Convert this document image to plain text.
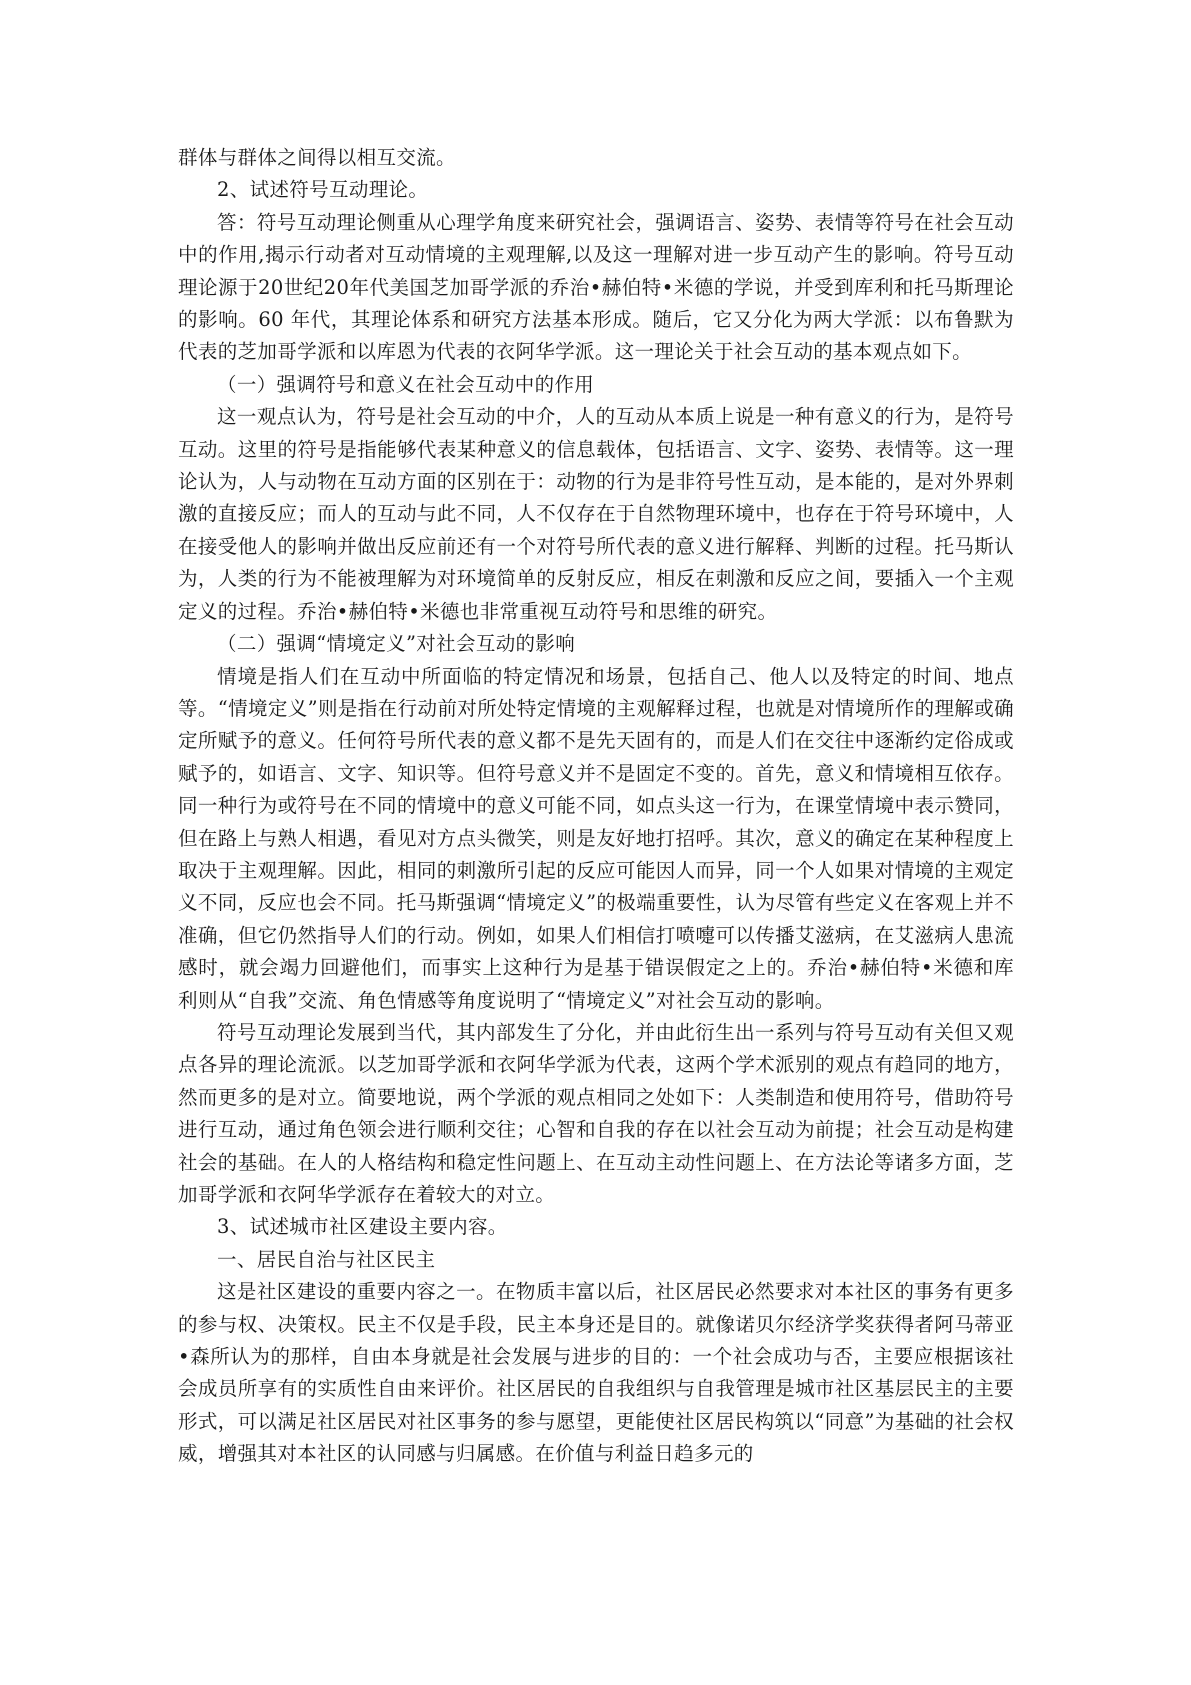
群体与群体之间得以相互交流。

2、试述符号互动理论。

答：符号互动理论侧重从心理学角度来研究社会，强调语言、姿势、表情等符号在社会互动中的作用,揭示行动者对互动情境的主观理解,以及这一理解对进一步互动产生的影响。符号互动理论源于20世纪20年代美国芝加哥学派的乔治•赫伯特•米德的学说，并受到库利和托马斯理论的影响。60 年代，其理论体系和研究方法基本形成。随后，它又分化为两大学派：以布鲁默为代表的芝加哥学派和以库恩为代表的衣阿华学派。这一理论关于社会互动的基本观点如下。

（一）强调符号和意义在社会互动中的作用

这一观点认为，符号是社会互动的中介，人的互动从本质上说是一种有意义的行为，是符号互动。这里的符号是指能够代表某种意义的信息载体，包括语言、文字、姿势、表情等。这一理论认为，人与动物在互动方面的区别在于：动物的行为是非符号性互动，是本能的，是对外界刺激的直接反应；而人的互动与此不同，人不仅存在于自然物理环境中，也存在于符号环境中，人在接受他人的影响并做出反应前还有一个对符号所代表的意义进行解释、判断的过程。托马斯认为，人类的行为不能被理解为对环境简单的反射反应，相反在刺激和反应之间，要插入一个主观定义的过程。乔治•赫伯特•米德也非常重视互动符号和思维的研究。

（二）强调“情境定义”对社会互动的影响

情境是指人们在互动中所面临的特定情况和场景，包括自己、他人以及特定的时间、地点等。“情境定义”则是指在行动前对所处特定情境的主观解释过程，也就是对情境所作的理解或确定所赋予的意义。任何符号所代表的意义都不是先天固有的，而是人们在交往中逐渐约定俗成或赋予的，如语言、文字、知识等。但符号意义并不是固定不变的。首先，意义和情境相互依存。同一种行为或符号在不同的情境中的意义可能不同，如点头这一行为，在课堂情境中表示赞同，但在路上与熟人相遇，看见对方点头微笑，则是友好地打招呼。其次，意义的确定在某种程度上取决于主观理解。因此，相同的刺激所引起的反应可能因人而异，同一个人如果对情境的主观定义不同，反应也会不同。托马斯强调“情境定义”的极端重要性，认为尽管有些定义在客观上并不准确，但它仍然指导人们的行动。例如，如果人们相信打喷嚏可以传播艾滋病，在艾滋病人患流感时，就会竭力回避他们，而事实上这种行为是基于错误假定之上的。乔治•赫伯特•米德和库利则从“自我”交流、角色情感等角度说明了“情境定义”对社会互动的影响。

符号互动理论发展到当代，其内部发生了分化，并由此衍生出一系列与符号互动有关但又观点各异的理论流派。以芝加哥学派和衣阿华学派为代表，这两个学术派别的观点有趋同的地方，然而更多的是对立。简要地说，两个学派的观点相同之处如下：人类制造和使用符号，借助符号进行互动，通过角色领会进行顺利交往；心智和自我的存在以社会互动为前提；社会互动是构建社会的基础。在人的人格结构和稳定性问题上、在互动主动性问题上、在方法论等诸多方面，芝加哥学派和衣阿华学派存在着较大的对立。

3、试述城市社区建设主要内容。

一、居民自治与社区民主

这是社区建设的重要内容之一。在物质丰富以后，社区居民必然要求对本社区的事务有更多的参与权、决策权。民主不仅是手段，民主本身还是目的。就像诺贝尔经济学奖获得者阿马蒂亚•森所认为的那样，自由本身就是社会发展与进步的目的：一个社会成功与否，主要应根据该社会成员所享有的实质性自由来评价。社区居民的自我组织与自我管理是城市社区基层民主的主要形式，可以满足社区居民对社区事务的参与愿望，更能使社区居民构筑以“同意”为基础的社会权威，增强其对本社区的认同感与归属感。在价值与利益日趋多元的
